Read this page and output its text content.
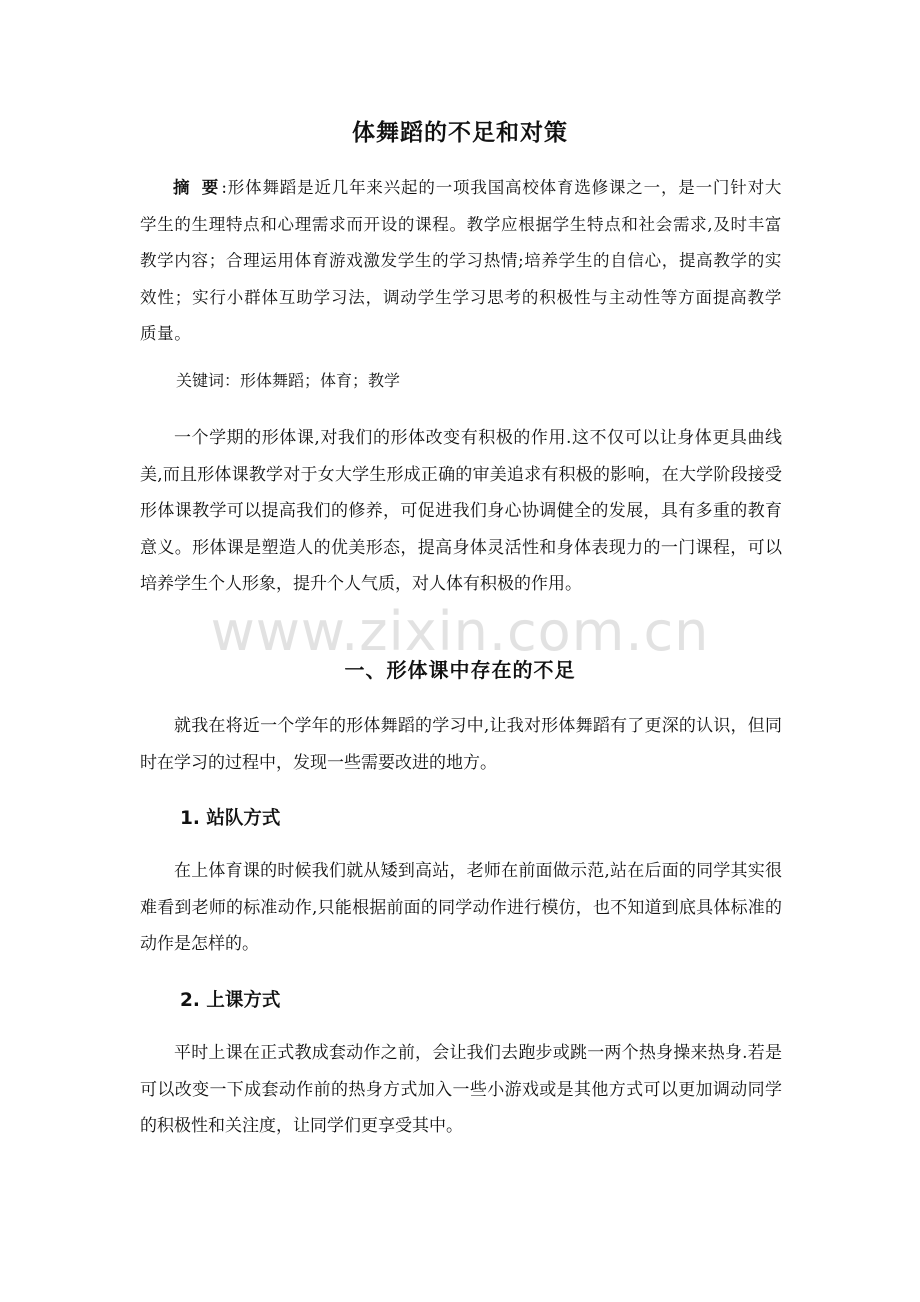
体舞蹈的不足和对策

摘 要:形体舞蹈是近几年来兴起的一项我国高校体育选修课之一，是一门针对大学生的生理特点和心理需求而开设的课程。教学应根据学生特点和社会需求,及时丰富教学内容；合理运用体育游戏激发学生的学习热情;培养学生的自信心，提高教学的实效性；实行小群体互助学习法，调动学生学习思考的积极性与主动性等方面提高教学质量。

关键词：形体舞蹈；体育；教学

一个学期的形体课,对我们的形体改变有积极的作用.这不仅可以让身体更具曲线美,而且形体课教学对于女大学生形成正确的审美追求有积极的影响，在大学阶段接受形体课教学可以提高我们的修养，可促进我们身心协调健全的发展，具有多重的教育意义。形体课是塑造人的优美形态，提高身体灵活性和身体表现力的一门课程，可以培养学生个人形象，提升个人气质，对人体有积极的作用。

www.zixin.com.cn
一、形体课中存在的不足

就我在将近一个学年的形体舞蹈的学习中,让我对形体舞蹈有了更深的认识，但同时在学习的过程中，发现一些需要改进的地方。

1. 站队方式

在上体育课的时候我们就从矮到高站，老师在前面做示范,站在后面的同学其实很难看到老师的标准动作,只能根据前面的同学动作进行模仿，也不知道到底具体标准的动作是怎样的。

2. 上课方式

平时上课在正式教成套动作之前，会让我们去跑步或跳一两个热身操来热身.若是可以改变一下成套动作前的热身方式加入一些小游戏或是其他方式可以更加调动同学的积极性和关注度，让同学们更享受其中。
